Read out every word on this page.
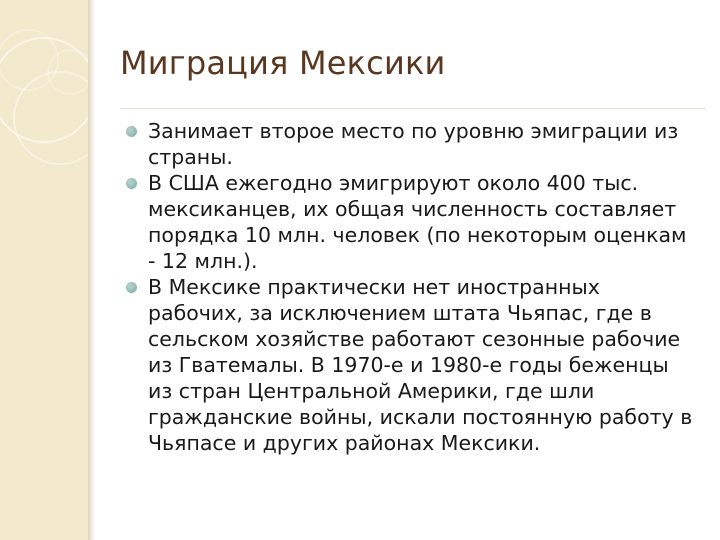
Миграция Мексики
Занимает второе место по уровню эмиграции из страны.
В США ежегодно эмигрируют около 400 тыс. мексиканцев, их общая численность составляет порядка 10 млн. человек (по некоторым оценкам - 12 млн.).
В Мексике практически нет иностранных рабочих, за исключением штата Чьяпас, где в сельском хозяйстве работают сезонные рабочие из Гватемалы. В 1970-е и 1980-е годы беженцы из стран Центральной Америки, где шли гражданские войны, искали постоянную работу в Чьяпасе и других районах Мексики.
